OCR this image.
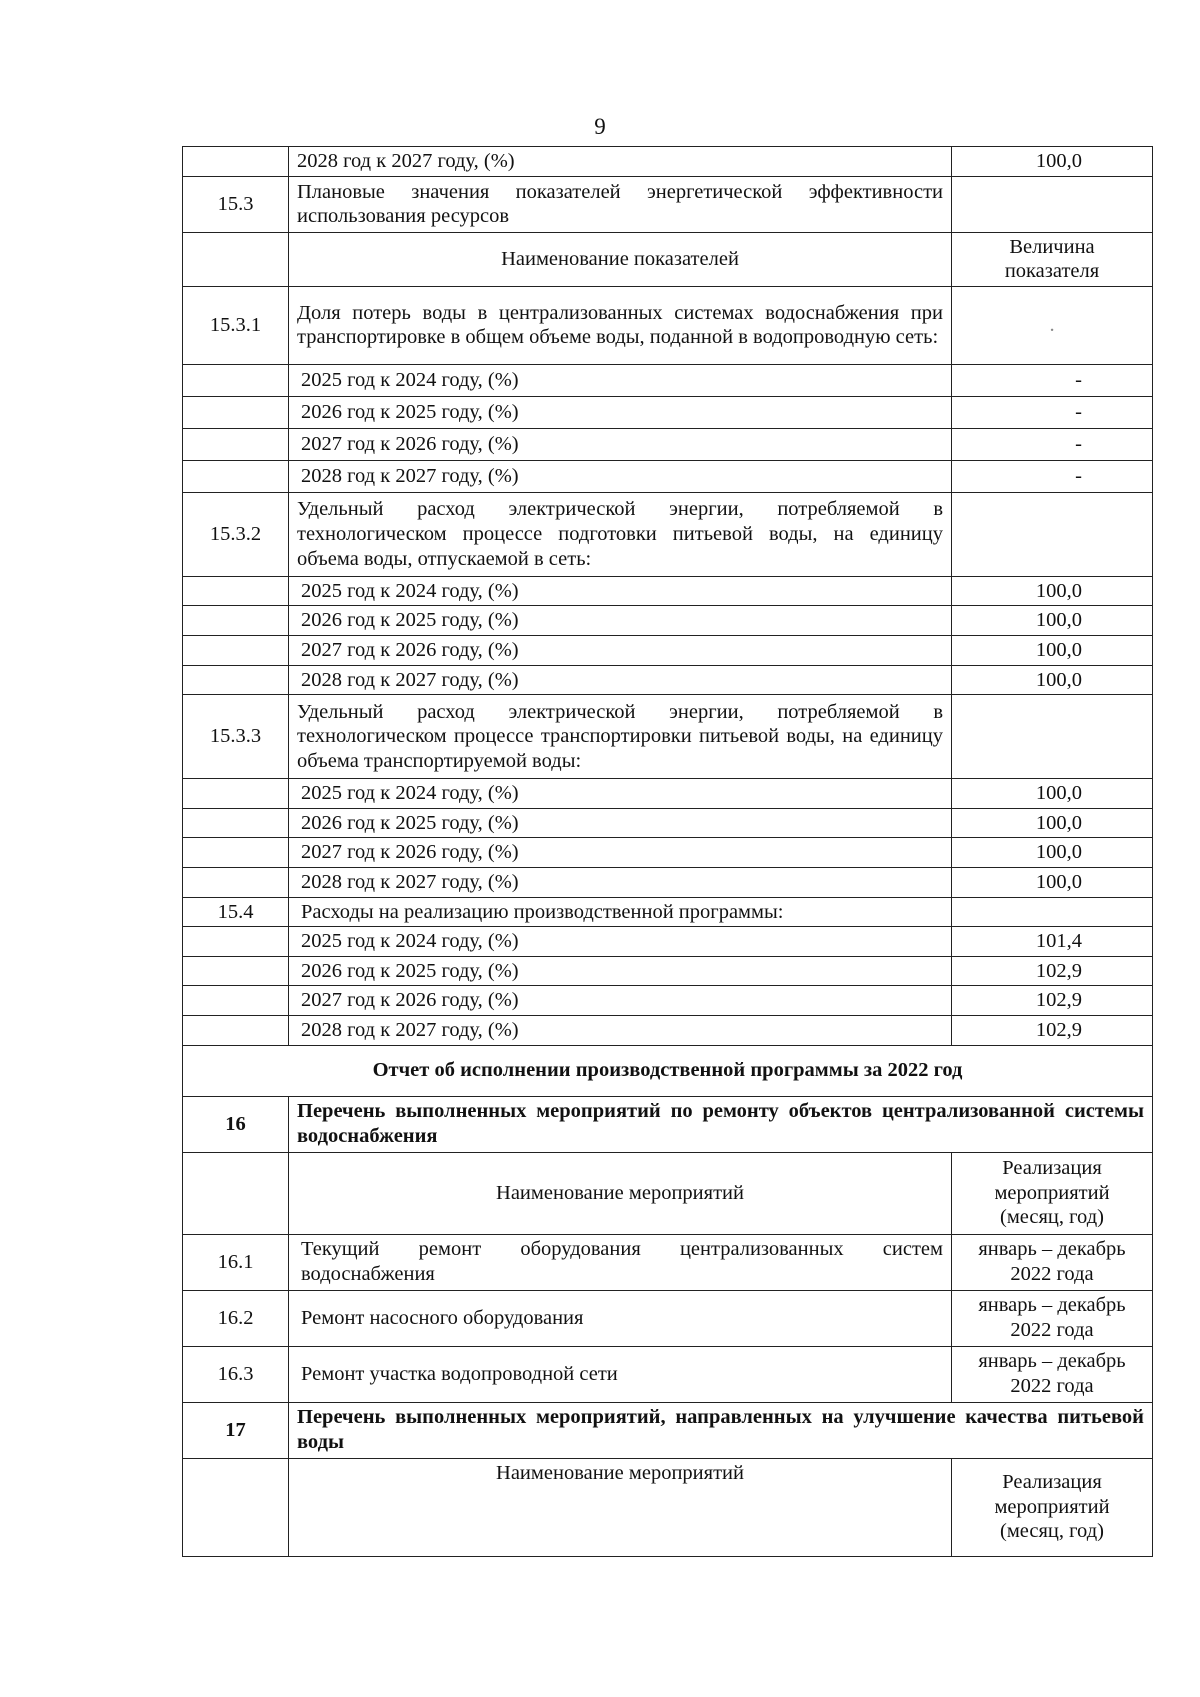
9
	2028 год к 2027 году, (%)	100,0
15.3	Плановые значения показателей энергетической эффективности использования ресурсов	
	Наименование показателей	Величина показателя
15.3.1	Доля потерь воды в централизованных системах водоснабжения при транспортировке в общем объеме воды, поданной в водопроводную сеть:	.
	2025 год к 2024 году, (%)	-
	2026 год к 2025 году, (%)	-
	2027 год к 2026 году, (%)	-
	2028 год к 2027 году, (%)	-
15.3.2	Удельный расход электрической энергии, потребляемой в технологическом процессе подготовки питьевой воды, на единицу объема воды, отпускаемой в сеть:	
	2025 год к 2024 году, (%)	100,0
	2026 год к 2025 году, (%)	100,0
	2027 год к 2026 году, (%)	100,0
	2028 год к 2027 году, (%)	100,0
15.3.3	Удельный расход электрической энергии, потребляемой в технологическом процессе транспортировки питьевой воды, на единицу объема транспортируемой воды:	
	2025 год к 2024 году, (%)	100,0
	2026 год к 2025 году, (%)	100,0
	2027 год к 2026 году, (%)	100,0
	2028 год к 2027 году, (%)	100,0
15.4	Расходы на реализацию производственной программы:	
	2025 год к 2024 году, (%)	101,4
	2026 год к 2025 году, (%)	102,9
	2027 год к 2026 году, (%)	102,9
	2028 год к 2027 году, (%)	102,9
Отчет об исполнении производственной программы за 2022 год		
16	Перечень выполненных мероприятий по ремонту объектов централизованной системы водоснабжения	
	Наименование мероприятий	Реализация мероприятий (месяц, год)
16.1	Текущий ремонт оборудования централизованных систем водоснабжения	январь – декабрь 2022 года
16.2	Ремонт насосного оборудования	январь – декабрь 2022 года
16.3	Ремонт участка водопроводной сети	январь – декабрь 2022 года
17	Перечень выполненных мероприятий, направленных на улучшение качества питьевой воды	
	Наименование мероприятий	Реализация мероприятий (месяц, год)
